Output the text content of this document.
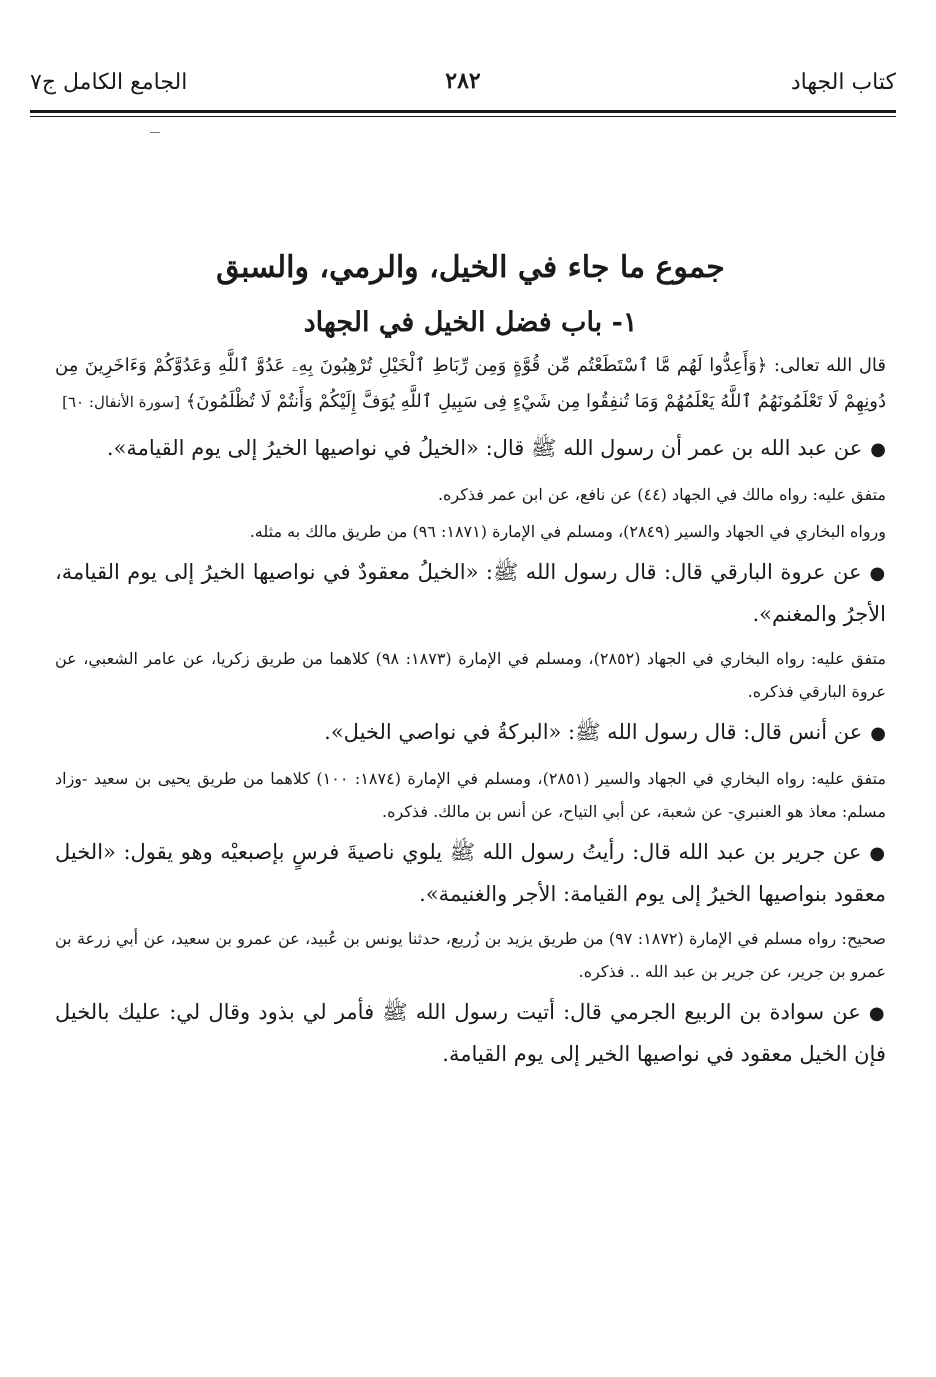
كتاب الجهاد
٢٨٢
الجامع الكامل ج٧
جموع ما جاء في الخيل، والرمي، والسبق
١- باب فضل الخيل في الجهاد

قال الله تعالى: ﴿وَأَعِدُّوا لَهُم مَّا ٱسْتَطَعْتُم مِّن قُوَّةٍ وَمِن رِّبَاطِ ٱلْخَيْلِ تُرْهِبُونَ بِهِۦ عَدُوَّ ٱللَّهِ وَعَدُوَّكُمْ وَءَاخَرِينَ مِن دُونِهِمْ لَا تَعْلَمُونَهُمُ ٱللَّهُ يَعْلَمُهُمْ وَمَا تُنفِقُوا مِن شَيْءٍ فِى سَبِيلِ ٱللَّهِ يُوَفَّ إِلَيْكُمْ وَأَنتُمْ لَا تُظْلَمُونَ﴾ [سورة الأنفال: ٦٠]

●عن عبد الله بن عمر أن رسول الله ﷺ قال: «الخيلُ في نواصيها الخيرُ إلى يوم القيامة».

متفق عليه: رواه مالك في الجهاد (٤٤) عن نافع، عن ابن عمر فذكره.

ورواه البخاري في الجهاد والسير (٢٨٤٩)، ومسلم في الإمارة (١٨٧١: ٩٦) من طريق مالك به مثله.

●عن عروة البارقي قال: قال رسول الله ﷺ: «الخيلُ معقودٌ في نواصيها الخيرُ إلى يوم القيامة، الأجرُ والمغنم».

متفق عليه: رواه البخاري في الجهاد (٢٨٥٢)، ومسلم في الإمارة (١٨٧٣: ٩٨) كلاهما من طريق زكريا، عن عامر الشعبي، عن عروة البارقي فذكره.

●عن أنس قال: قال رسول الله ﷺ: «البركةُ في نواصي الخيل».

متفق عليه: رواه البخاري في الجهاد والسير (٢٨٥١)، ومسلم في الإمارة (١٨٧٤: ١٠٠) كلاهما من طريق يحيى بن سعيد -وزاد مسلم: معاذ هو العنبري- عن شعبة، عن أبي التياح، عن أنس بن مالك. فذكره.

●عن جرير بن عبد الله قال: رأيتُ رسول الله ﷺ يلوي ناصيةَ فرسٍ بإصبعيْه وهو يقول: «الخيل معقود بنواصيها الخيرُ إلى يوم القيامة: الأجر والغنيمة».

صحيح: رواه مسلم في الإمارة (١٨٧٢: ٩٧) من طريق يزيد بن زُريع، حدثنا يونس بن عُبيد، عن عمرو بن سعيد، عن أبي زرعة بن عمرو بن جرير، عن جرير بن عبد الله .. فذكره.

●عن سوادة بن الربيع الجرمي قال: أتيت رسول الله ﷺ فأمر لي بذود وقال لي: عليك بالخيل فإن الخيل معقود في نواصيها الخير إلى يوم القيامة.
